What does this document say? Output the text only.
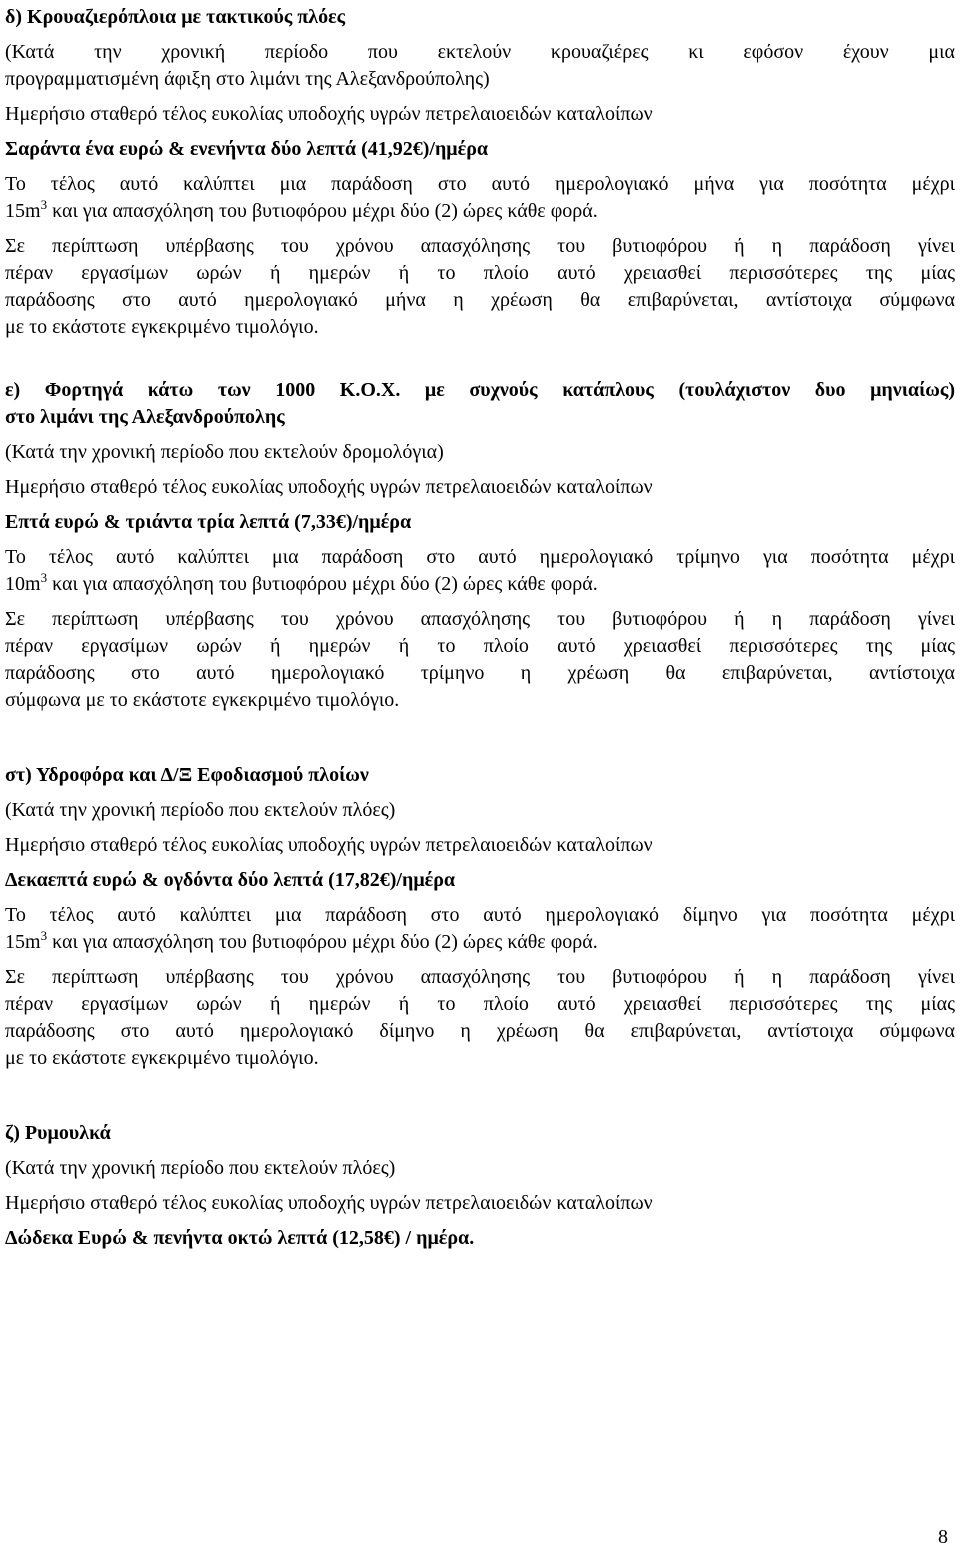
δ) Κρουαζιερόπλοια με τακτικούς πλόες
(Κατά την χρονική περίοδο που εκτελούν κρουαζιέρες κι εφόσον έχουν μια
προγραμματισμένη άφιξη στο λιμάνι της Αλεξανδρούπολης)
Ημερήσιο σταθερό τέλος ευκολίας υποδοχής υγρών πετρελαιοειδών καταλοίπων
Σαράντα ένα ευρώ & ενενήντα δύο λεπτά (41,92€)/ημέρα
Το τέλος αυτό καλύπτει μια παράδοση στο αυτό ημερολογιακό μήνα για ποσότητα μέχρι
$15m^3$ και για απασχόληση του βυτιοφόρου μέχρι δύο (2) ώρες κάθε φορά.
Σε περίπτωση υπέρβασης του χρόνου απασχόλησης του βυτιοφόρου ή η παράδοση γίνει
πέραν εργασίμων ωρών ή ημερών ή το πλοίο αυτό χρειασθεί περισσότερες της μίας
παράδοσης στο αυτό ημερολογιακό μήνα η χρέωση θα επιβαρύνεται, αντίστοιχα σύμφωνα
με το εκάστοτε εγκεκριμένο τιμολόγιο.
ε) Φορτηγά κάτω των 1000 Κ.Ο.Χ. με συχνούς κατάπλους (τουλάχιστον δυο μηνιαίως)
στο λιμάνι της Αλεξανδρούπολης
(Κατά την χρονική περίοδο που εκτελούν δρομολόγια)
Ημερήσιο σταθερό τέλος ευκολίας υποδοχής υγρών πετρελαιοειδών καταλοίπων
Επτά ευρώ & τριάντα τρία λεπτά (7,33€)/ημέρα
Το τέλος αυτό καλύπτει μια παράδοση στο αυτό ημερολογιακό τρίμηνο για ποσότητα μέχρι
$10m^3$ και για απασχόληση του βυτιοφόρου μέχρι δύο (2) ώρες κάθε φορά.
Σε περίπτωση υπέρβασης του χρόνου απασχόλησης του βυτιοφόρου ή η παράδοση γίνει
πέραν εργασίμων ωρών ή ημερών ή το πλοίο αυτό χρειασθεί περισσότερες της μίας
παράδοσης στο αυτό ημερολογιακό τρίμηνο η χρέωση θα επιβαρύνεται, αντίστοιχα
σύμφωνα με το εκάστοτε εγκεκριμένο τιμολόγιο.
στ) Υδροφόρα και Δ/Ξ Εφοδιασμού πλοίων
(Κατά την χρονική περίοδο που εκτελούν πλόες)
Ημερήσιο σταθερό τέλος ευκολίας υποδοχής υγρών πετρελαιοειδών καταλοίπων
Δεκαεπτά ευρώ & ογδόντα δύο λεπτά (17,82€)/ημέρα
Το τέλος αυτό καλύπτει μια παράδοση στο αυτό ημερολογιακό δίμηνο για ποσότητα μέχρι
$15m^3$ και για απασχόληση του βυτιοφόρου μέχρι δύο (2) ώρες κάθε φορά.
Σε περίπτωση υπέρβασης του χρόνου απασχόλησης του βυτιοφόρου ή η παράδοση γίνει
πέραν εργασίμων ωρών ή ημερών ή το πλοίο αυτό χρειασθεί περισσότερες της μίας
παράδοσης στο αυτό ημερολογιακό δίμηνο η χρέωση θα επιβαρύνεται, αντίστοιχα σύμφωνα
με το εκάστοτε εγκεκριμένο τιμολόγιο.
ζ) Ρυμουλκά
(Κατά την χρονική περίοδο που εκτελούν πλόες)
Ημερήσιο σταθερό τέλος ευκολίας υποδοχής υγρών πετρελαιοειδών καταλοίπων
Δώδεκα Ευρώ & πενήντα οκτώ λεπτά (12,58€) / ημέρα.
8
